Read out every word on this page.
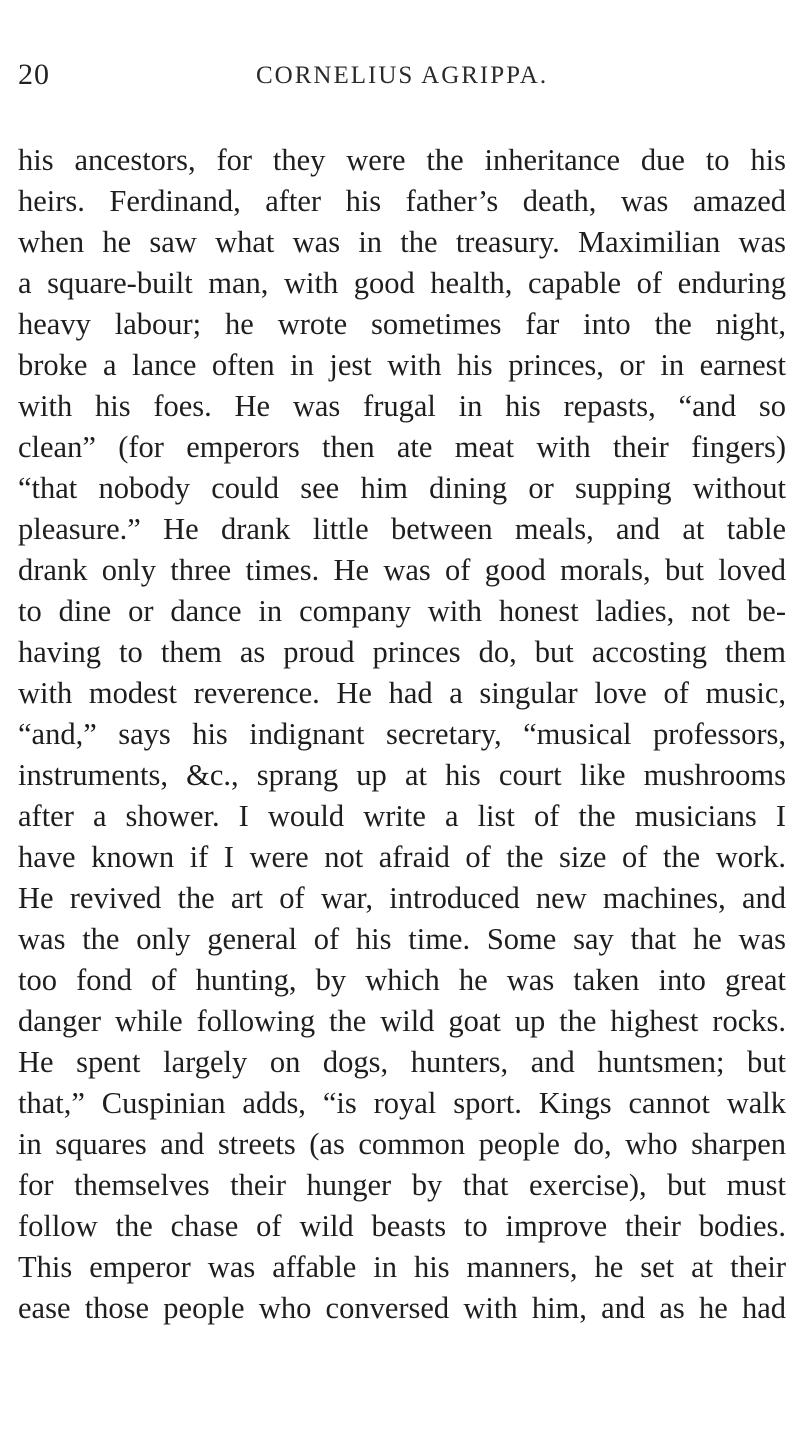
20	CORNELIUS AGRIPPA.
his ancestors, for they were the inheritance due to his
heirs. Ferdinand, after his father’s death, was amazed
when he saw what was in the treasury. Maximilian was
a square-built man, with good health, capable of enduring
heavy labour; he wrote sometimes far into the night,
broke a lance often in jest with his princes, or in earnest
with his foes. He was frugal in his repasts, “and so
clean” (for emperors then ate meat with their fingers)
“that nobody could see him dining or supping without
pleasure.” He drank little between meals, and at table
drank only three times. He was of good morals, but loved
to dine or dance in company with honest ladies, not be-
having to them as proud princes do, but accosting them
with modest reverence. He had a singular love of music,
“and,” says his indignant secretary, “musical professors,
instruments, &c., sprang up at his court like mushrooms
after a shower. I would write a list of the musicians I
have known if I were not afraid of the size of the work.
He revived the art of war, introduced new machines, and
was the only general of his time. Some say that he was
too fond of hunting, by which he was taken into great
danger while following the wild goat up the highest rocks.
He spent largely on dogs, hunters, and huntsmen; but
that,” Cuspinian adds, “is royal sport. Kings cannot walk
in squares and streets (as common people do, who sharpen
for themselves their hunger by that exercise), but must
follow the chase of wild beasts to improve their bodies.
This emperor was affable in his manners, he set at their
ease those people who conversed with him, and as he had
